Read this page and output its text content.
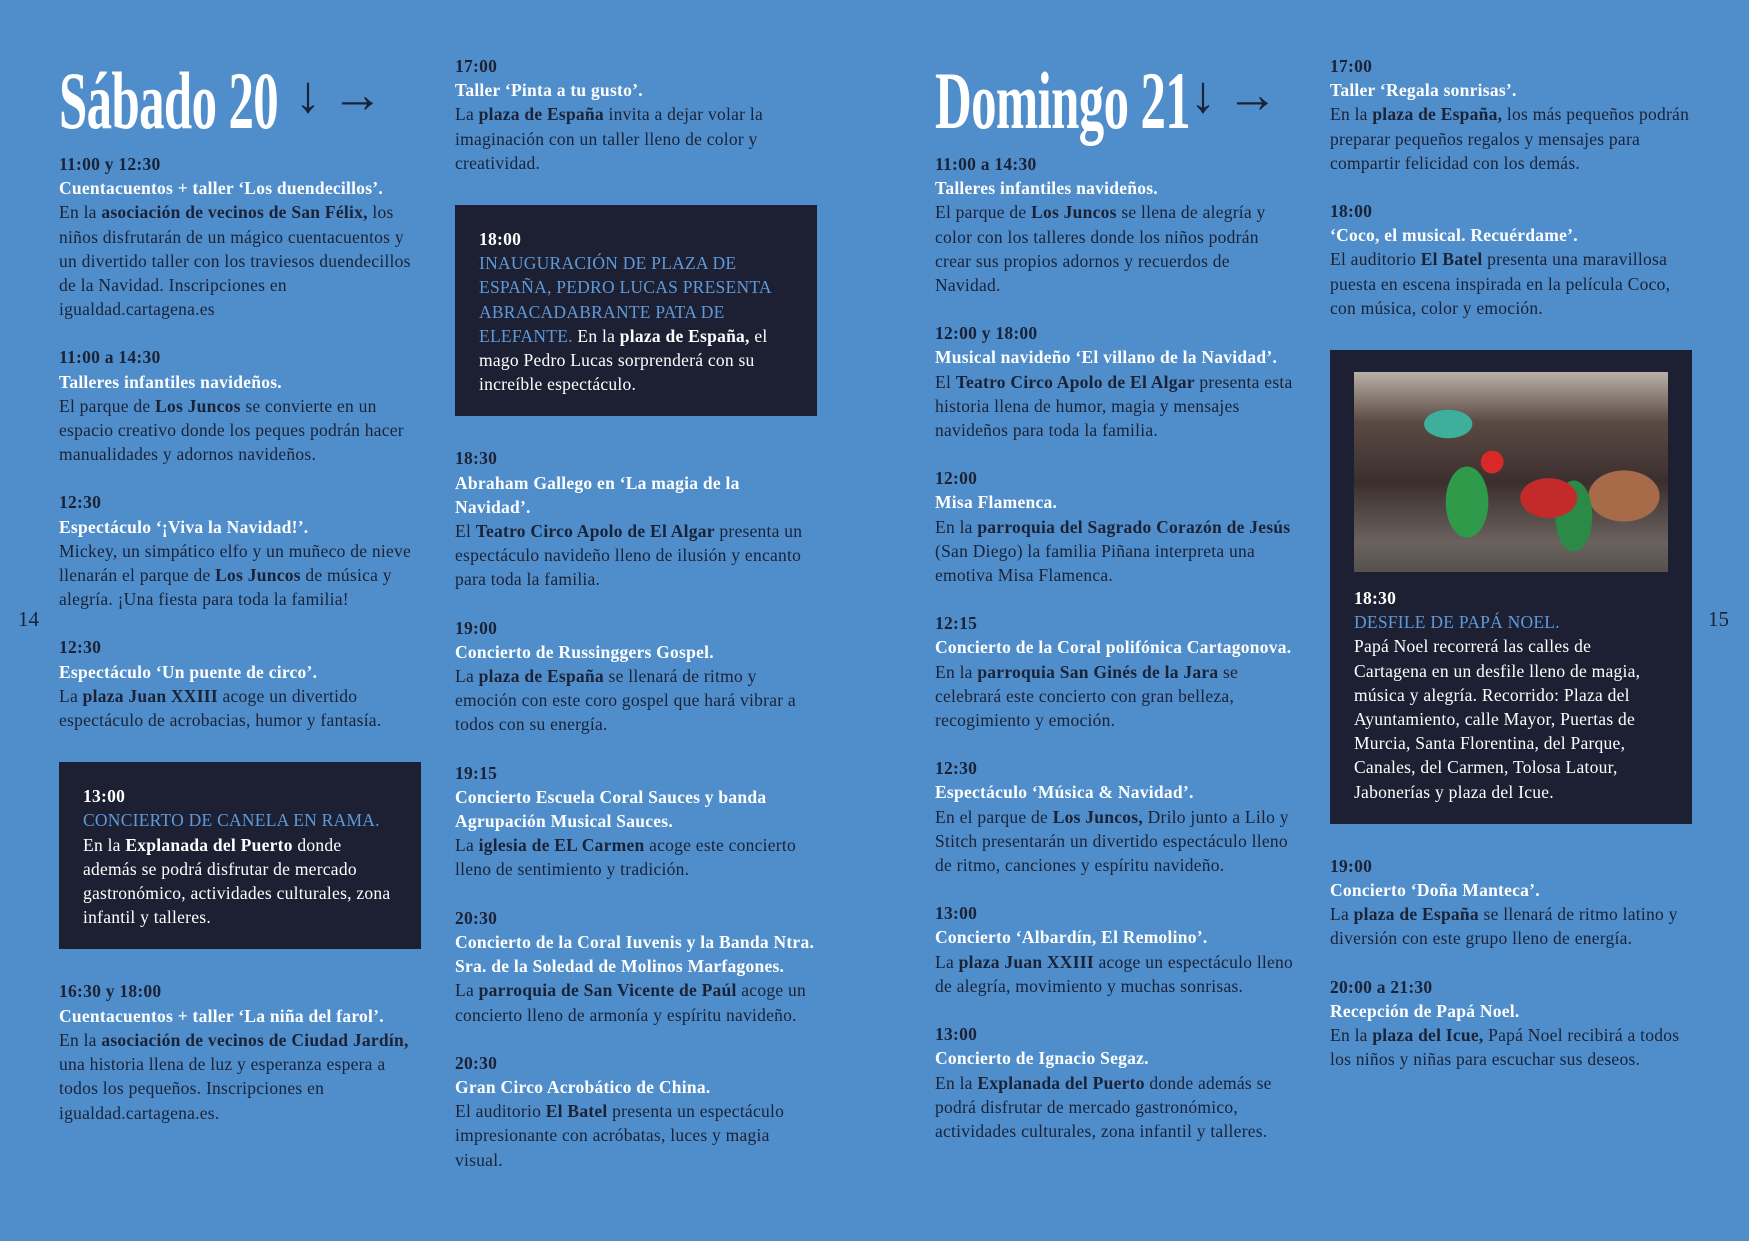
14	15
Sábado 20 ↓ →
11:00 y 12:30
Cuentacuentos + taller ‘Los duendecillos’.
En la asociación de vecinos de San Félix, los niños disfrutarán de un mágico cuentacuentos y un divertido taller con los traviesos duendecillos de la Navidad. Inscripciones en igualdad.cartagena.es
11:00 a 14:30
Talleres infantiles navideños.
El parque de Los Juncos se convierte en un espacio creativo donde los peques podrán hacer manualidades y adornos navideños.
12:30
Espectáculo ‘¡Viva la Navidad!’.
Mickey, un simpático elfo y un muñeco de nieve llenarán el parque de Los Juncos de música y alegría. ¡Una fiesta para toda la familia!
12:30
Espectáculo ‘Un puente de circo’.
La plaza Juan XXIII acoge un divertido espectáculo de acrobacias, humor y fantasía.
13:00
CONCIERTO DE CANELA EN RAMA.
En la Explanada del Puerto donde además se podrá disfrutar de mercado gastronómico, actividades culturales, zona infantil y talleres.
16:30 y 18:00
Cuentacuentos + taller ‘La niña del farol’.
En la asociación de vecinos de Ciudad Jardín, una historia llena de luz y esperanza espera a todos los pequeños. Inscripciones en igualdad.cartagena.es.
17:00
Taller ‘Pinta a tu gusto’.
La plaza de España invita a dejar volar la imaginación con un taller lleno de color y creatividad.
18:00
INAUGURACIÓN DE PLAZA DE ESPAÑA, PEDRO LUCAS PRESENTA ABRACADABRANTE PATA DE ELEFANTE. En la plaza de España, el mago Pedro Lucas sorprenderá con su increíble espectáculo.
18:30
Abraham Gallego en ‘La magia de la Navidad’.
El Teatro Circo Apolo de El Algar presenta un espectáculo navideño lleno de ilusión y encanto para toda la familia.
19:00
Concierto de Russinggers Gospel.
La plaza de España se llenará de ritmo y emoción con este coro gospel que hará vibrar a todos con su energía.
19:15
Concierto Escuela Coral Sauces y banda Agrupación Musical Sauces.
La iglesia de EL Carmen acoge este concierto lleno de sentimiento y tradición.
20:30
Concierto de la Coral Iuvenis y la Banda Ntra. Sra. de la Soledad de Molinos Marfagones.
La parroquia de San Vicente de Paúl acoge un concierto lleno de armonía y espíritu navideño.
20:30
Gran Circo Acrobático de China.
El auditorio El Batel presenta un espectáculo impresionante con acróbatas, luces y magia visual.
Domingo 21 ↓ →
11:00 a 14:30
Talleres infantiles navideños.
El parque de Los Juncos se llena de alegría y color con los talleres donde los niños podrán crear sus propios adornos y recuerdos de Navidad.
12:00 y 18:00
Musical navideño ‘El villano de la Navidad’.
El Teatro Circo Apolo de El Algar presenta esta historia llena de humor, magia y mensajes navideños para toda la familia.
12:00
Misa Flamenca.
En la parroquia del Sagrado Corazón de Jesús (San Diego) la familia Piñana interpreta una emotiva Misa Flamenca.
12:15
Concierto de la Coral polifónica Cartagonova.
En la parroquia San Ginés de la Jara se celebrará este concierto con gran belleza, recogimiento y emoción.
12:30
Espectáculo ‘Música & Navidad’.
En el parque de Los Juncos, Drilo junto a Lilo y Stitch presentarán un divertido espectáculo lleno de ritmo, canciones y espíritu navideño.
13:00
Concierto ‘Albardín, El Remolino’.
La plaza Juan XXIII acoge un espectáculo lleno de alegría, movimiento y muchas sonrisas.
13:00
Concierto de Ignacio Segaz.
En la Explanada del Puerto donde además se podrá disfrutar de mercado gastronómico, actividades culturales, zona infantil y talleres.
17:00
Taller ‘Regala sonrisas’.
En la plaza de España, los más pequeños podrán preparar pequeños regalos y mensajes para compartir felicidad con los demás.
18:00
‘Coco, el musical. Recuérdame’.
El auditorio El Batel presenta una maravillosa puesta en escena inspirada en la película Coco, con música, color y emoción.
18:30
DESFILE DE PAPÁ NOEL.
Papá Noel recorrerá las calles de Cartagena en un desfile lleno de magia, música y alegría. Recorrido: Plaza del Ayuntamiento, calle Mayor, Puertas de Murcia, Santa Florentina, del Parque, Canales, del Carmen, Tolosa Latour, Jabonerías y plaza del Icue.
19:00
Concierto ‘Doña Manteca’.
La plaza de España se llenará de ritmo latino y diversión con este grupo lleno de energía.
20:00 a 21:30
Recepción de Papá Noel.
En la plaza del Icue, Papá Noel recibirá a todos los niños y niñas para escuchar sus deseos.
